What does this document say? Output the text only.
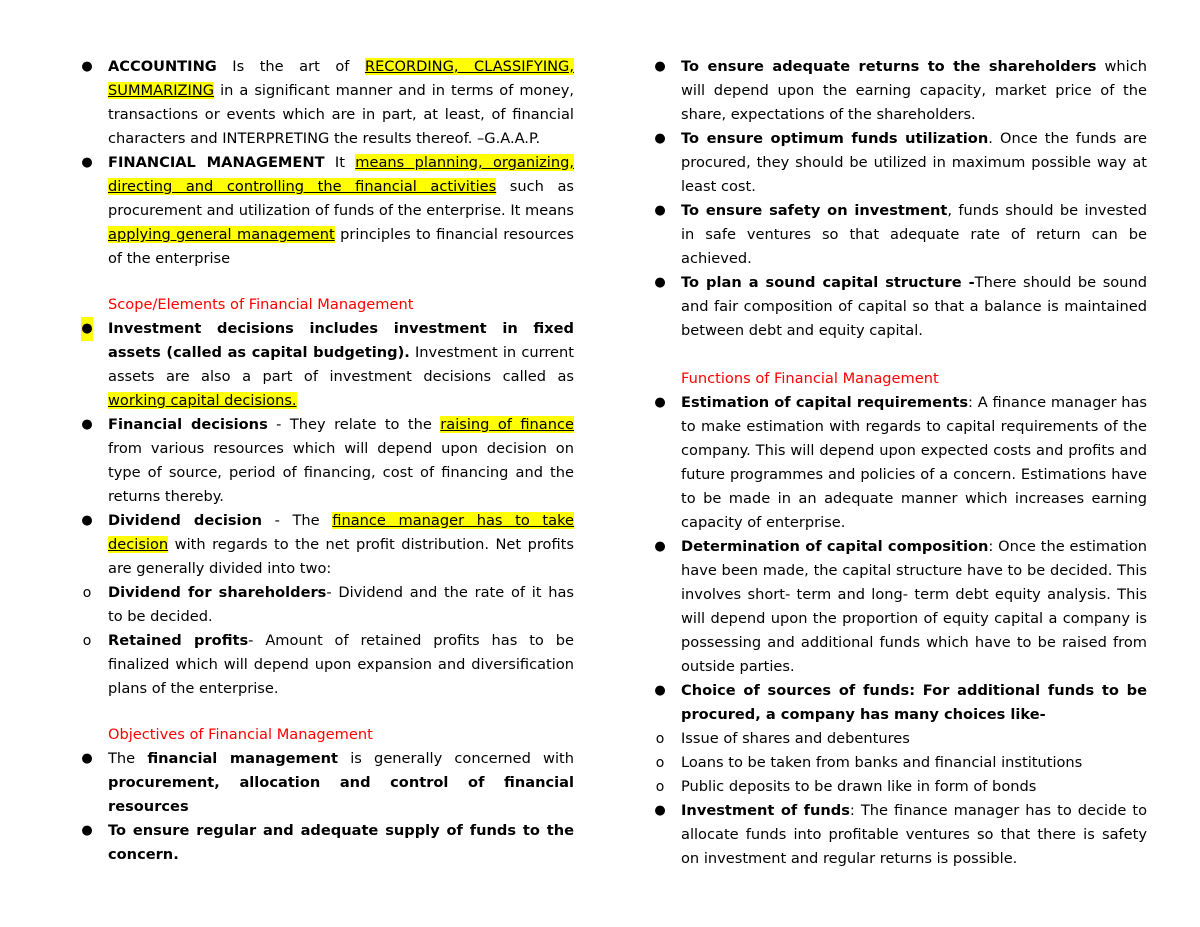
● ACCOUNTING Is the art of RECORDING, CLASSIFYING, SUMMARIZING in a significant manner and in terms of money, transactions or events which are in part, at least, of financial characters and INTERPRETING the results thereof. –G.A.A.P.
● FINANCIAL MANAGEMENT It means planning, organizing, directing and controlling the financial activities such as procurement and utilization of funds of the enterprise. It means applying general management principles to financial resources of the enterprise
Scope/Elements of Financial Management
● Investment decisions includes investment in fixed assets (called as capital budgeting). Investment in current assets are also a part of investment decisions called as working capital decisions.
● Financial decisions - They relate to the raising of finance from various resources which will depend upon decision on type of source, period of financing, cost of financing and the returns thereby.
● Dividend decision - The finance manager has to take decision with regards to the net profit distribution. Net profits are generally divided into two:
o Dividend for shareholders- Dividend and the rate of it has to be decided.
o Retained profits- Amount of retained profits has to be finalized which will depend upon expansion and diversification plans of the enterprise.
Objectives of Financial Management
● The financial management is generally concerned with procurement, allocation and control of financial resources
● To ensure regular and adequate supply of funds to the concern.
● To ensure adequate returns to the shareholders which will depend upon the earning capacity, market price of the share, expectations of the shareholders.
● To ensure optimum funds utilization. Once the funds are procured, they should be utilized in maximum possible way at least cost.
● To ensure safety on investment, funds should be invested in safe ventures so that adequate rate of return can be achieved.
● To plan a sound capital structure -There should be sound and fair composition of capital so that a balance is maintained between debt and equity capital.
Functions of Financial Management
● Estimation of capital requirements: A finance manager has to make estimation with regards to capital requirements of the company. This will depend upon expected costs and profits and future programmes and policies of a concern. Estimations have to be made in an adequate manner which increases earning capacity of enterprise.
● Determination of capital composition: Once the estimation have been made, the capital structure have to be decided. This involves short- term and long- term debt equity analysis. This will depend upon the proportion of equity capital a company is possessing and additional funds which have to be raised from outside parties.
● Choice of sources of funds: For additional funds to be procured, a company has many choices like-
o Issue of shares and debentures
o Loans to be taken from banks and financial institutions
o Public deposits to be drawn like in form of bonds
● Investment of funds: The finance manager has to decide to allocate funds into profitable ventures so that there is safety on investment and regular returns is possible.
